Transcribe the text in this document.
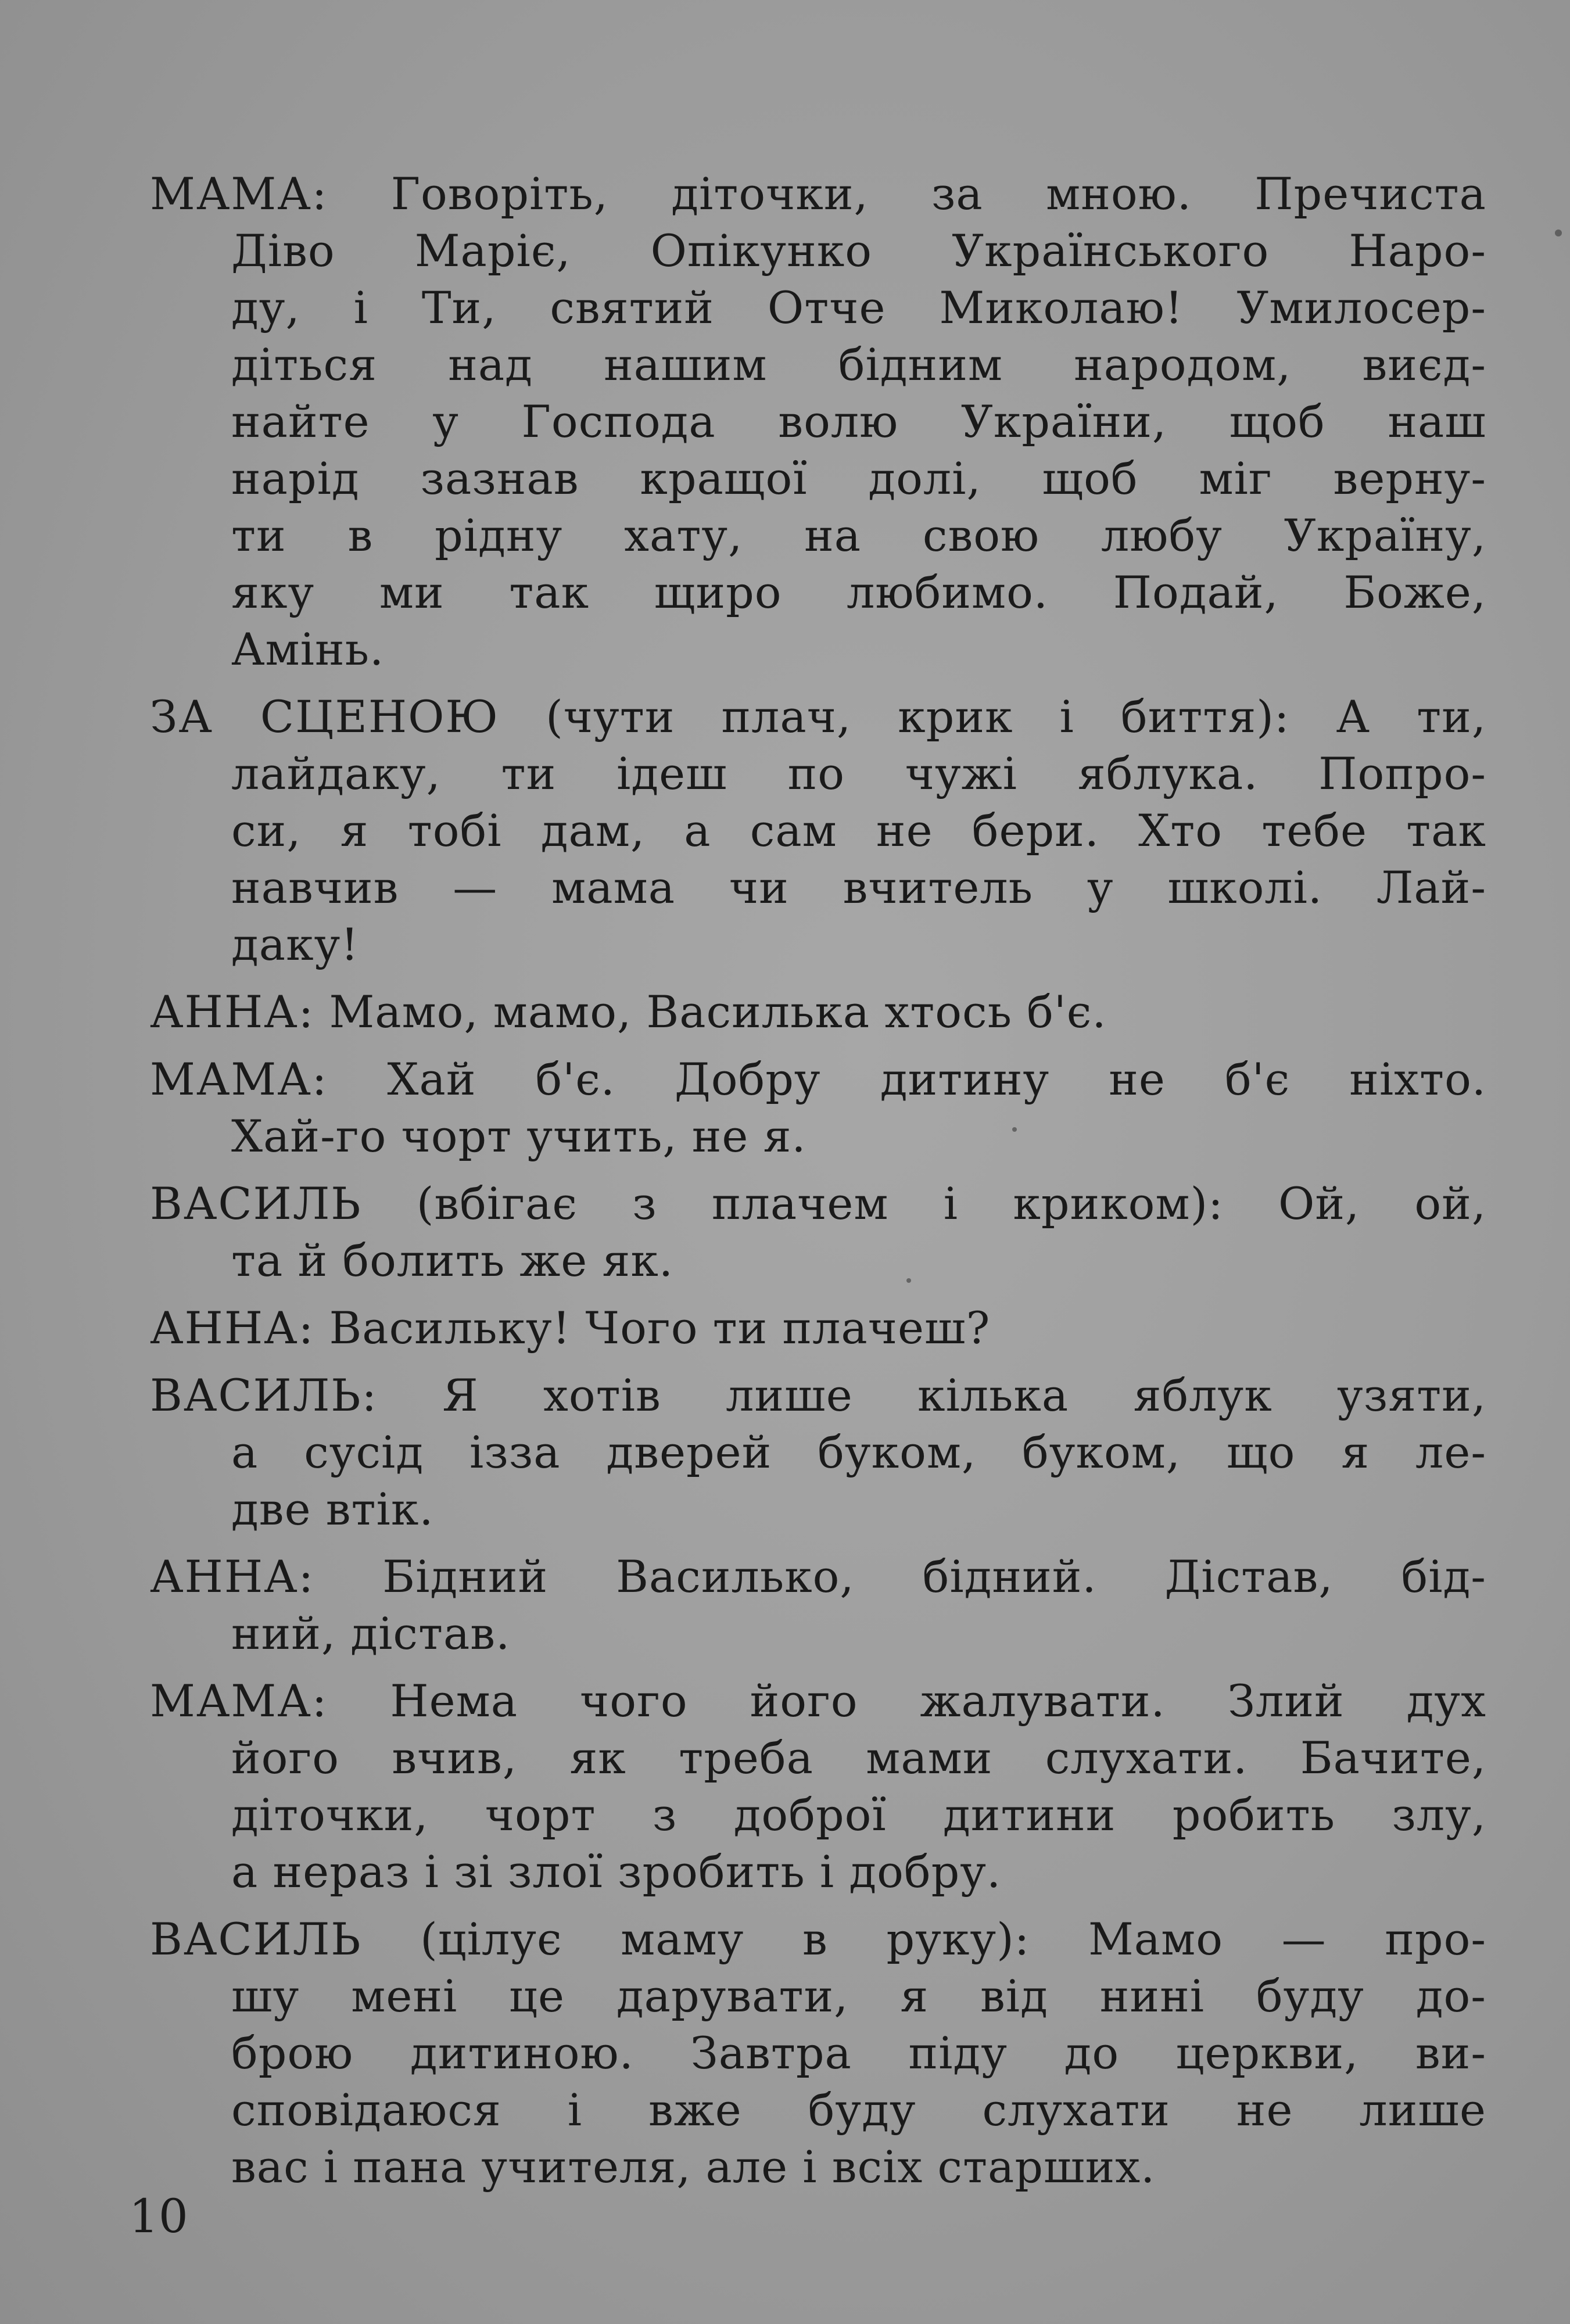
МАМА: Говоріть, діточки, за мною. Пречиста
Діво Маріє, Опікунко Українського Наро-
ду, і Ти, святий Отче Миколаю! Умилосер-
діться над нашим бідним народом, виєд-
найте у Господа волю України, щоб наш
нарід зазнав кращої долі, щоб міг верну-
ти в рідну хату, на свою любу Україну,
яку ми так щиро любимо. Подай, Боже,
Амінь.
ЗА СЦЕНОЮ (чути плач, крик і биття): А ти,
лайдаку, ти ідеш по чужі яблука. Попро-
си, я тобі дам, а сам не бери. Хто тебе так
навчив — мама чи вчитель у школі. Лай-
даку!
АННА: Мамо, мамо, Василька хтось б'є.
МАМА: Хай б'є. Добру дитину не б'є ніхто.
Хай-го чорт учить, не я.
ВАСИЛЬ (вбігає з плачем і криком): Ой, ой,
та й болить же як.
АННА: Васильку! Чого ти плачеш?
ВАСИЛЬ: Я хотів лише кілька яблук узяти,
а сусід ізза дверей буком, буком, що я ле-
две втік.
АННА: Бідний Василько, бідний. Дістав, бід-
ний, дістав.
МАМА: Нема чого його жалувати. Злий дух
його вчив, як треба мами слухати. Бачите,
діточки, чорт з доброї дитини робить злу,
а нераз і зі злої зробить і добру.
ВАСИЛЬ (цілує маму в руку): Мамо — про-
шу мені це дарувати, я від нині буду до-
брою дитиною. Завтра піду до церкви, ви-
сповідаюся і вже буду слухати не лише
вас і пана учителя, але і всіх старших.
10
